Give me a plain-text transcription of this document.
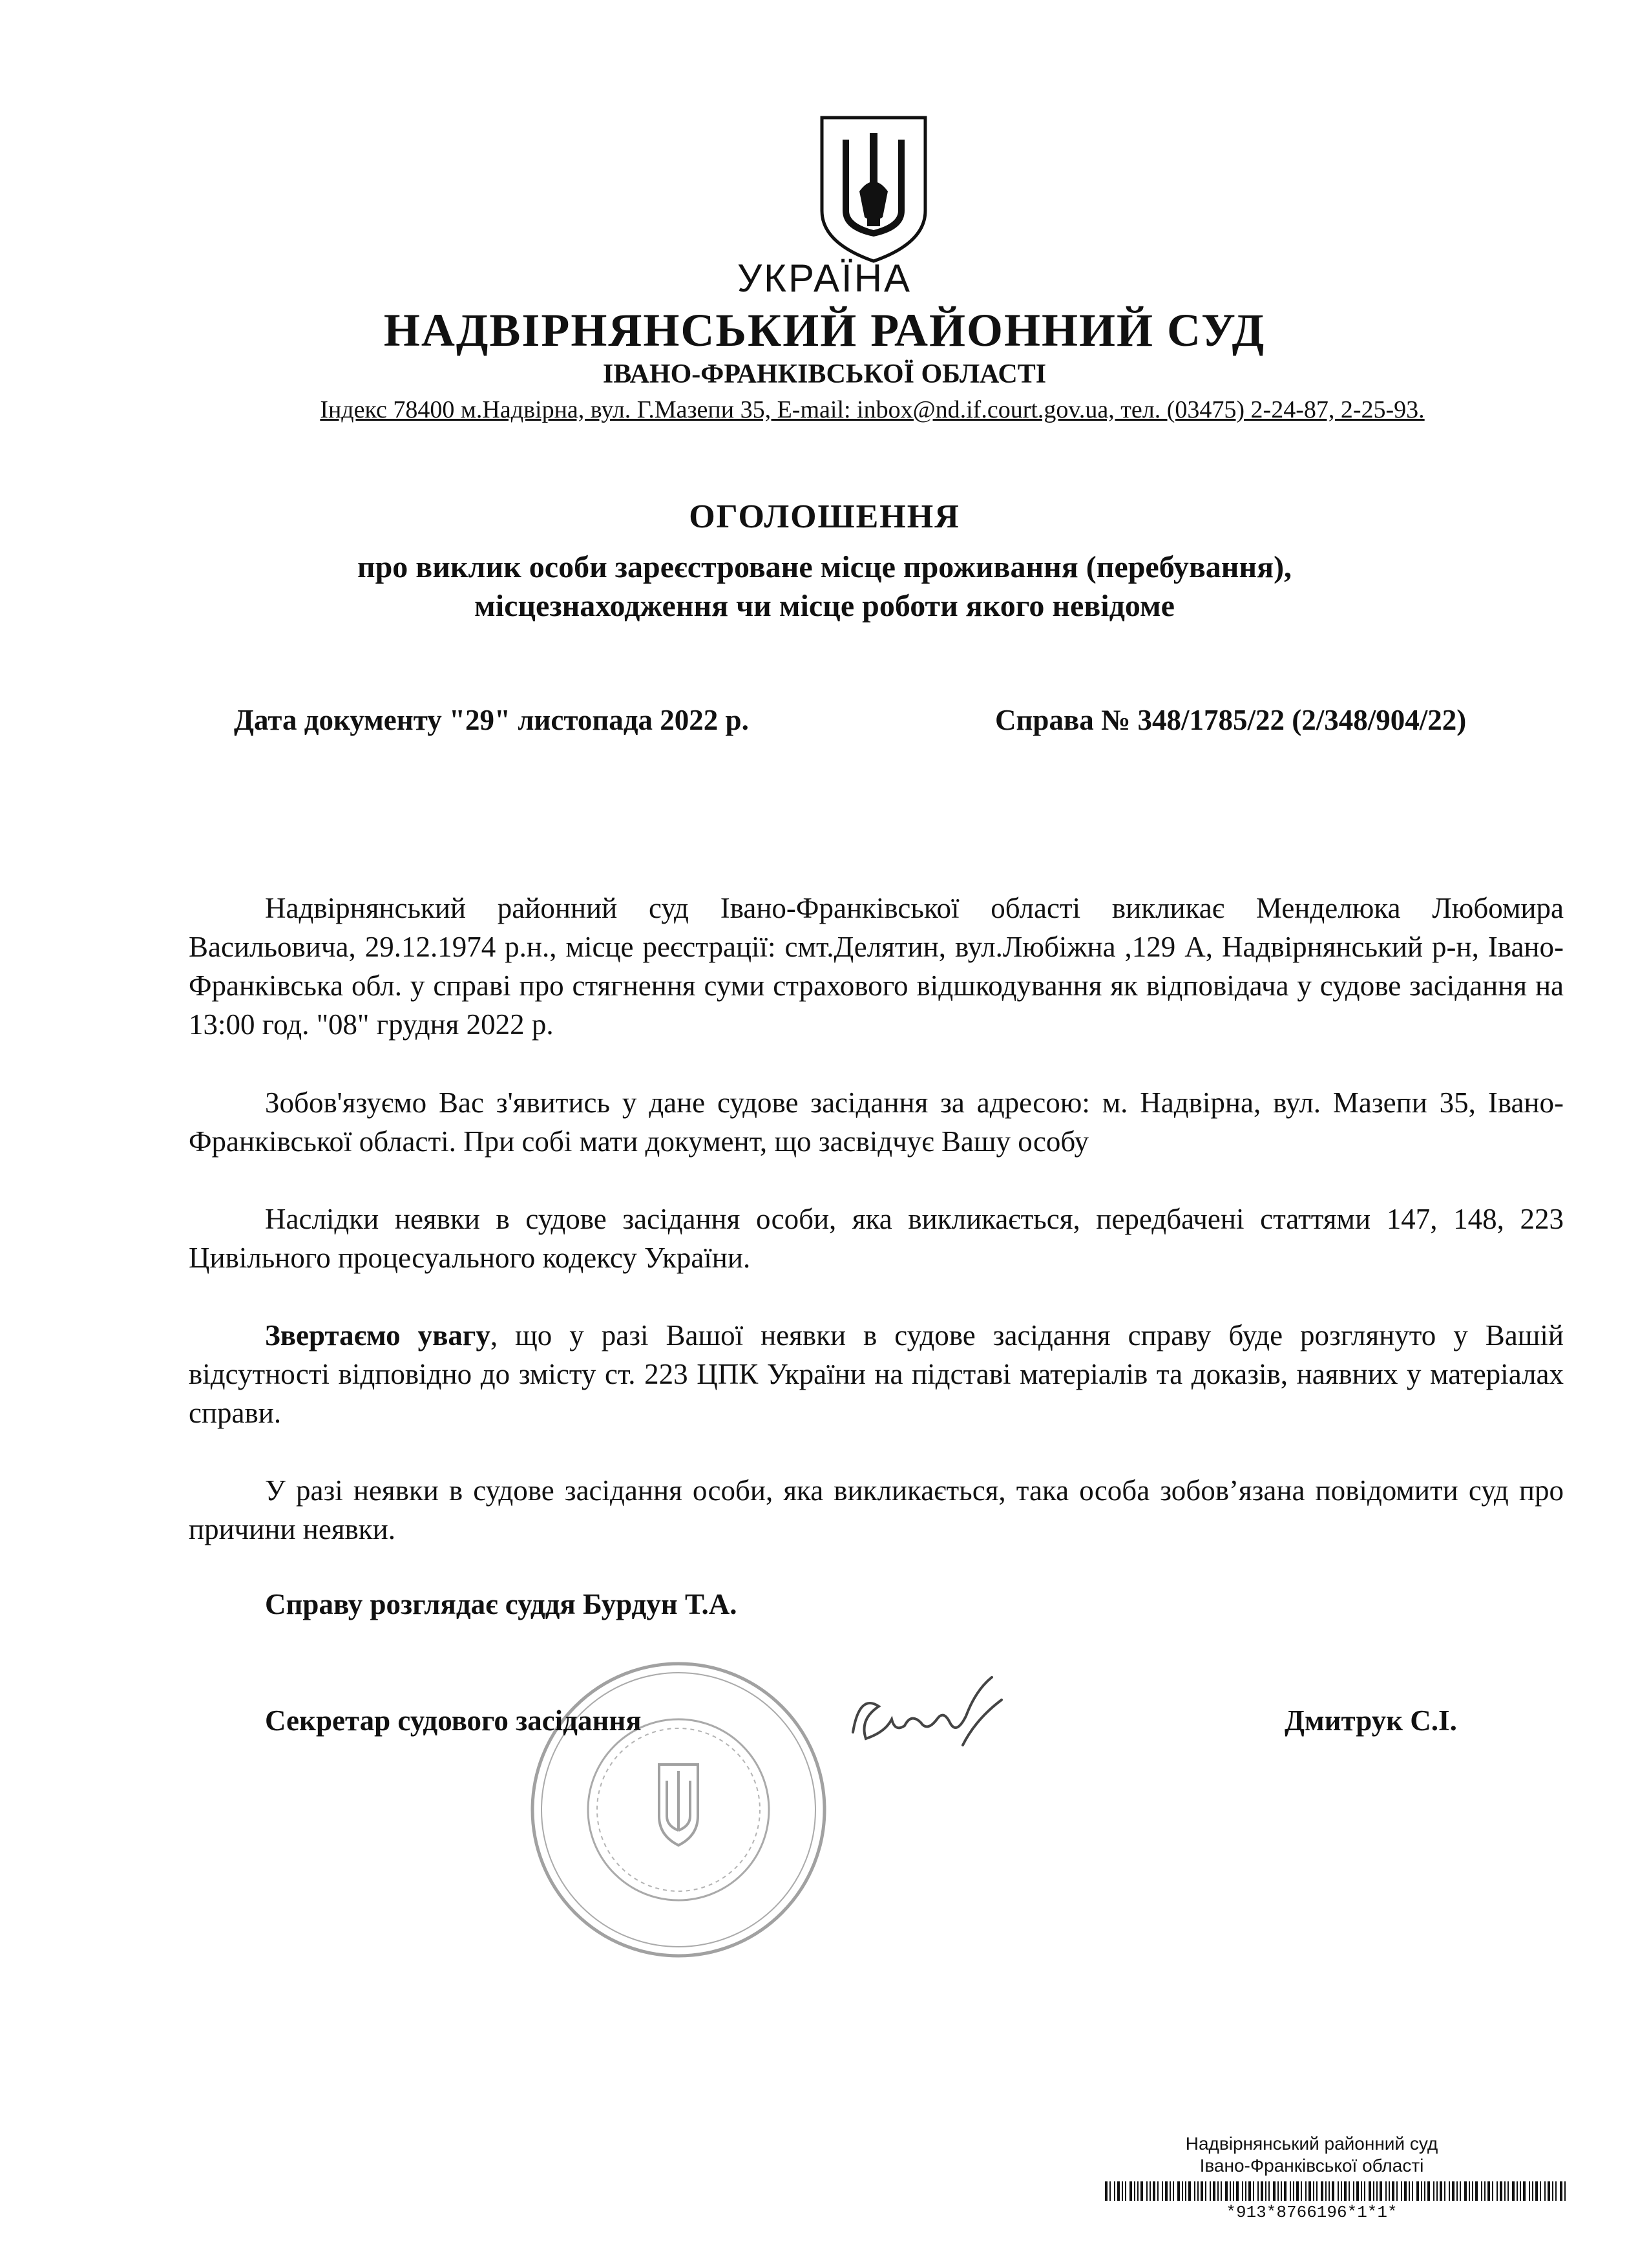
УКРАЇНА
НАДВІРНЯНСЬКИЙ РАЙОННИЙ СУД
ІВАНО-ФРАНКІВСЬКОЇ ОБЛАСТІ
Індекс 78400 м.Надвірна, вул. Г.Мазепи 35, E-mail: inbox@nd.if.court.gov.ua, тел. (03475) 2-24-87, 2-25-93.
ОГОЛОШЕННЯ
про виклик особи зареєстроване місце проживання (перебування),
місцезнаходження чи місце роботи якого невідоме
Дата документу "29" листопада 2022 р.	Справа № 348/1785/22 (2/348/904/22)

Надвірнянський районний суд Івано-Франківської області викликає Менделюка Любомира Васильовича, 29.12.1974 р.н., місце реєстрації: смт.Делятин, вул.Любіжна ,129 А, Надвірнянський р-н, Івано-Франківська обл. у справі про стягнення суми страхового відшкодування як відповідача у судове засідання на 13:00 год. "08" грудня 2022 р.

Зобов'язуємо Вас з'явитись у дане судове засідання за адресою: м. Надвірна, вул. Мазепи 35, Івано-Франківської області. При собі мати документ, що засвідчує Вашу особу

Наслідки неявки в судове засідання особи, яка викликається, передбачені статтями 147, 148, 223 Цивільного процесуального кодексу України.

Звертаємо увагу, що у разі Вашої неявки в судове засідання справу буде розглянуто у Вашій відсутності відповідно до змісту ст. 223 ЦПК України на підставі матеріалів та доказів, наявних у матеріалах справи.

У разі неявки в судове засідання особи, яка викликається, така особа зобов’язана повідомити суд про причини неявки.

Справу розглядає суддя Бурдун Т.А.
Секретар судового засідання	Дмитрук С.І.
Надвірнянський районний суд
Івано-Франківської області
*913*8766196*1*1*
